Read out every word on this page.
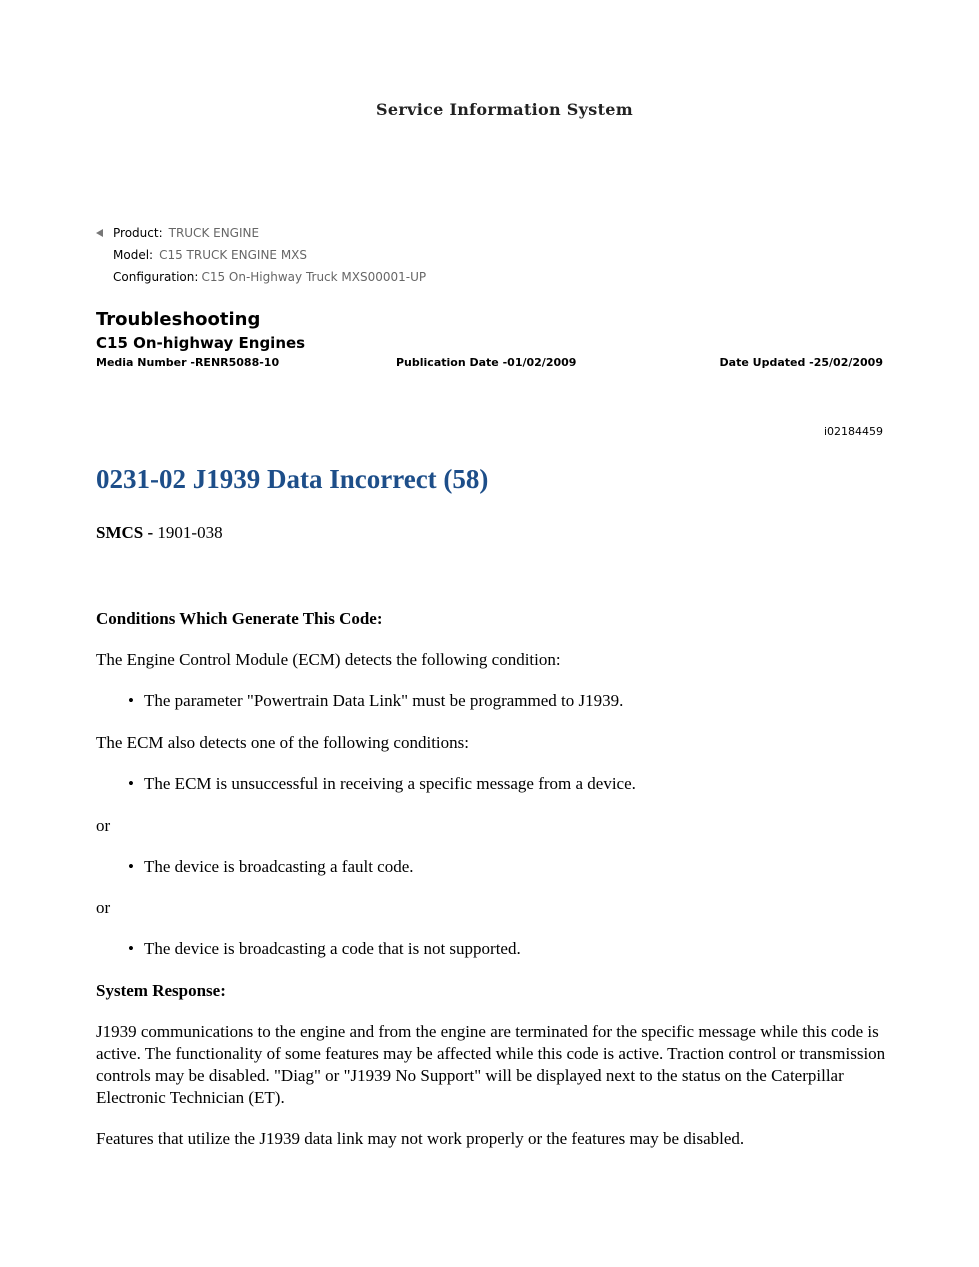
Service Information System
Product: TRUCK ENGINE
Model: C15 TRUCK ENGINE MXS
Configuration: C15 On-Highway Truck MXS00001-UP
Troubleshooting
C15 On-highway Engines
Media Number -RENR5088-10	Publication Date -01/02/2009	Date Updated -25/02/2009
i02184459
0231-02 J1939 Data Incorrect (58)
SMCS - 1901-038
Conditions Which Generate This Code:
The Engine Control Module (ECM) detects the following condition:
• The parameter "Powertrain Data Link" must be programmed to J1939.
The ECM also detects one of the following conditions:
• The ECM is unsuccessful in receiving a specific message from a device.
or
• The device is broadcasting a fault code.
or
• The device is broadcasting a code that is not supported.
System Response:
J1939 communications to the engine and from the engine are terminated for the specific message while this code is active. The functionality of some features may be affected while this code is active. Traction control or transmission controls may be disabled. "Diag" or "J1939 No Support" will be displayed next to the status on the Caterpillar Electronic Technician (ET).
Features that utilize the J1939 data link may not work properly or the features may be disabled.
